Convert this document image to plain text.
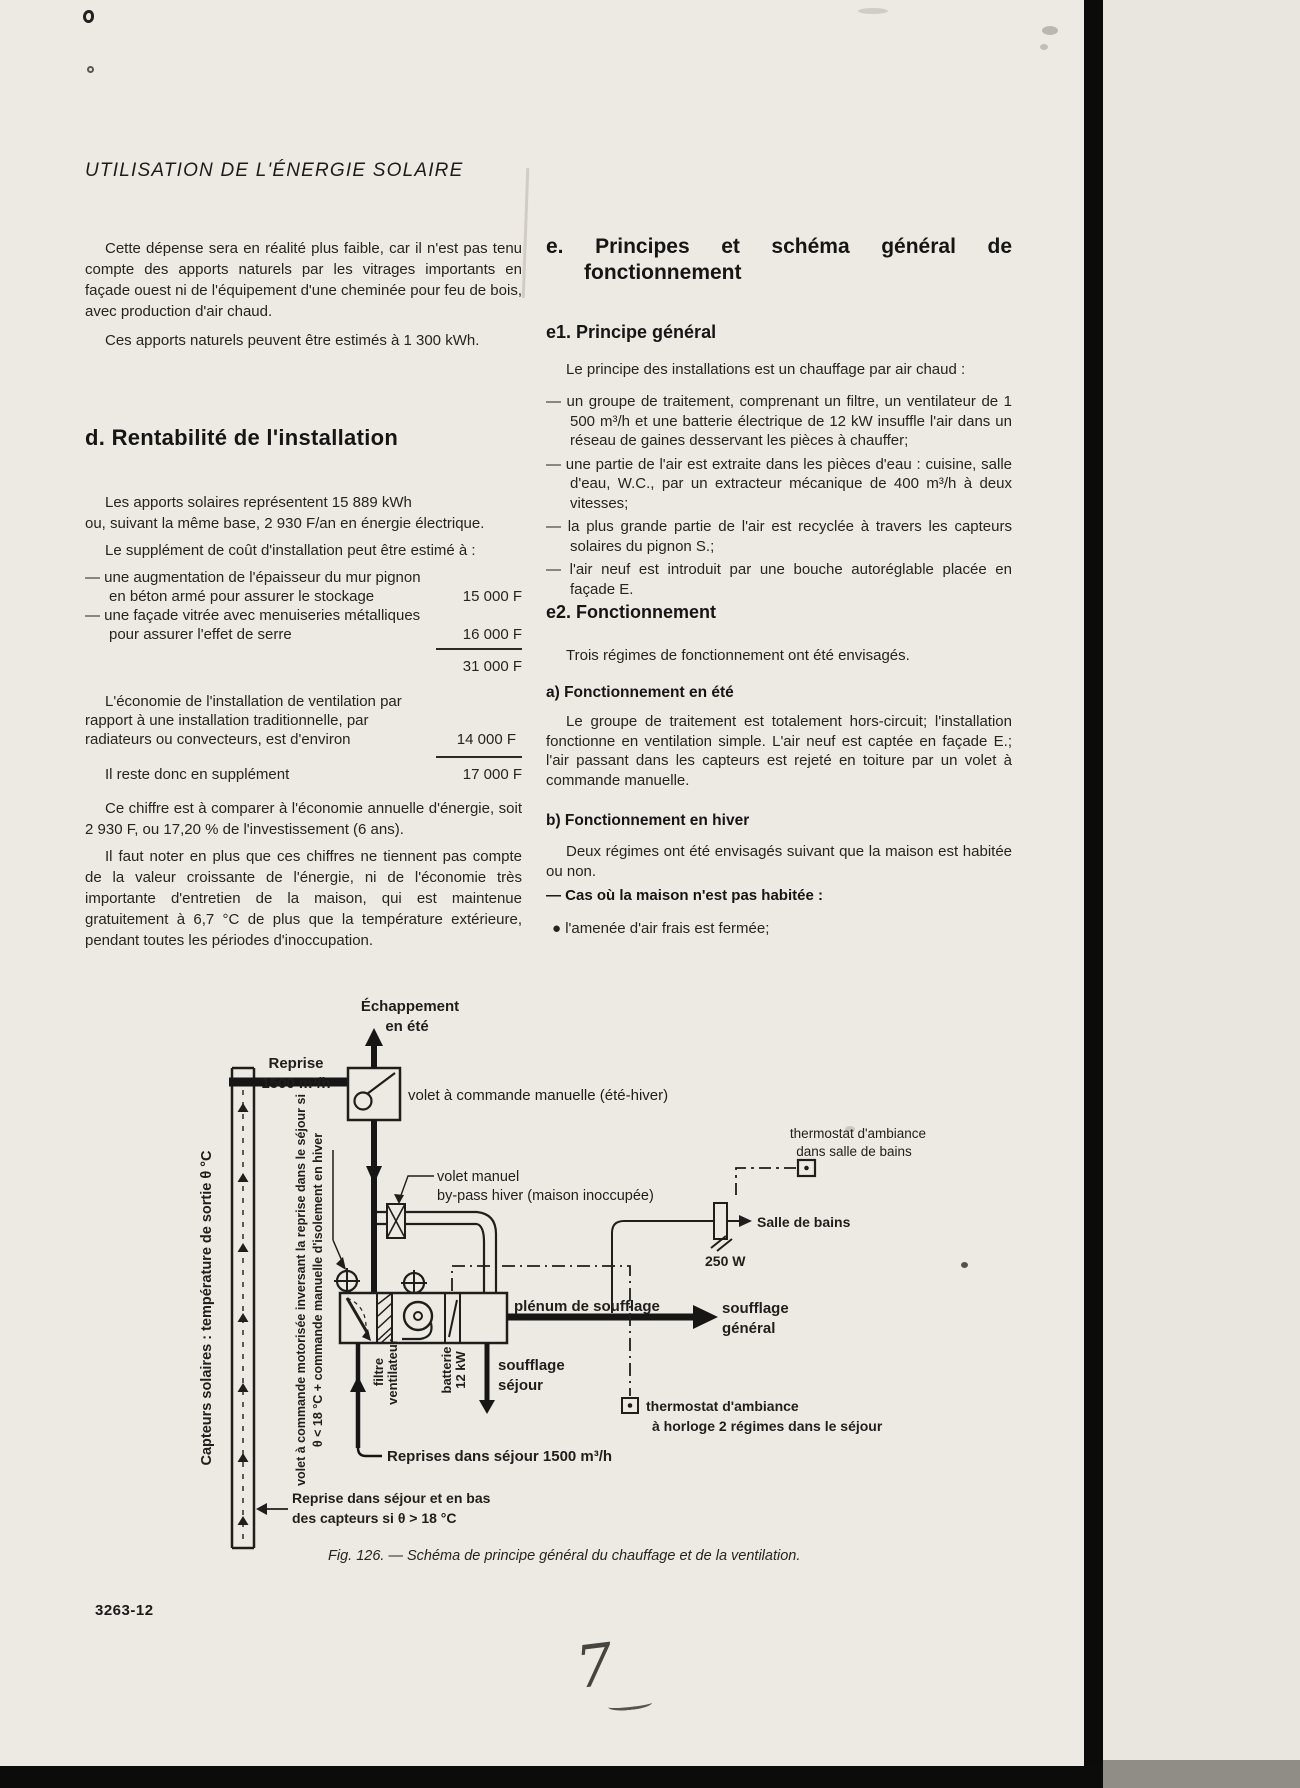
UTILISATION DE L'ÉNERGIE SOLAIRE
Cette dépense sera en réalité plus faible, car il n'est pas tenu compte des apports naturels par les vitrages importants en façade ouest ni de l'équipement d'une cheminée pour feu de bois, avec production d'air chaud.
Ces apports naturels peuvent être estimés à 1 300 kWh.
d. Rentabilité de l'installation
Les apports solaires représentent 15 889 kWh
ou, suivant la même base, 2 930 F/an en énergie électrique.
Le supplément de coût d'installation peut être estimé à :
— une augmentation de l'épaisseur du mur pignon en béton armé pour assurer le stockage	15 000 F
— une façade vitrée avec menuiseries métalliques pour assurer l'effet de serre	16 000 F
31 000 F
L'économie de l'installation de ventilation par rapport à une installation traditionnelle, par radiateurs ou convecteurs, est d'environ	14 000 F
Il reste donc en supplément	17 000 F
Ce chiffre est à comparer à l'économie annuelle d'énergie, soit 2 930 F, ou 17,20 % de l'investissement (6 ans).
Il faut noter en plus que ces chiffres ne tiennent pas compte de la valeur croissante de l'énergie, ni de l'économie très importante d'entretien de la maison, qui est maintenue gratuitement à 6,7 °C de plus que la température extérieure, pendant toutes les périodes d'inoccupation.
e. Principes et schéma général de fonctionnement
e1. Principe général
Le principe des installations est un chauffage par air chaud :
— un groupe de traitement, comprenant un filtre, un ventilateur de 1 500 m³/h et une batterie électrique de 12 kW insuffle l'air dans un réseau de gaines desservant les pièces à chauffer;
— une partie de l'air est extraite dans les pièces d'eau : cuisine, salle d'eau, W.C., par un extracteur mécanique de 400 m³/h à deux vitesses;
— la plus grande partie de l'air est recyclée à travers les capteurs solaires du pignon S.;
— l'air neuf est introduit par une bouche autoréglable placée en façade E.
e2. Fonctionnement
Trois régimes de fonctionnement ont été envisagés.
a) Fonctionnement en été
Le groupe de traitement est totalement hors-circuit; l'installation fonctionne en ventilation simple. L'air neuf est captée en façade E.; l'air passant dans les capteurs est rejeté en toiture par un volet à commande manuelle.
b) Fonctionnement en hiver
Deux régimes ont été envisagés suivant que la maison est habitée ou non.
— Cas où la maison n'est pas habitée :
● l'amenée d'air frais est fermée;
Capteurs solaires : température de sortie θ °C
Reprise
1500 m³/h
volet à commande manuelle (été-hiver)
Échappement
en été
volet à commande motorisée inversant la reprise dans le séjour si θ < 18 °C + commande manuelle d'isolement en hiver	volet manuel
by-pass hiver (maison inoccupée)
filtre ventilateur	batterie 12 kW soufflage
séjour
plénum de soufflage	soufflage
général
thermostat d'ambiance
à horloge 2 régimes dans le séjour
Salle de bains
250 W
thermostat d'ambiance
dans salle de bains
Reprises dans séjour 1500 m³/h
Reprise dans séjour et en bas
des capteurs si θ > 18 °C
Fig. 126. — Schéma de principe général du chauffage et de la ventilation.
3263-12
7
